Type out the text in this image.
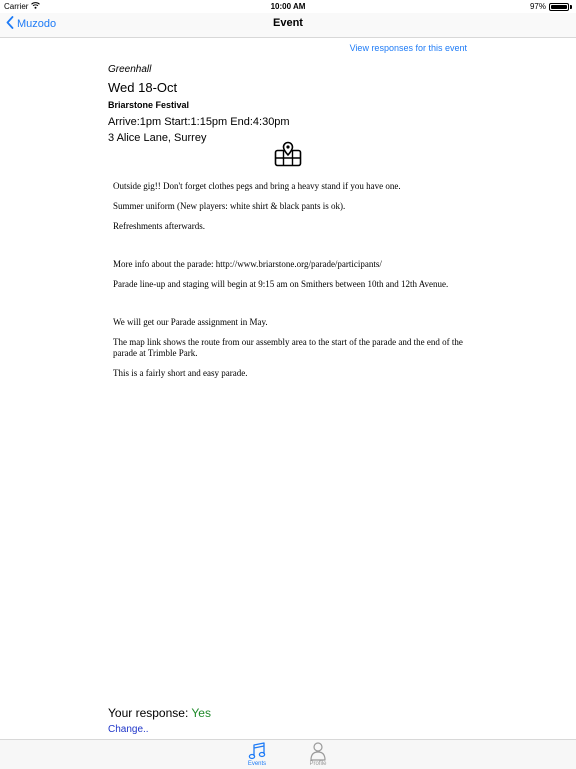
Carrier	10:00 AM	97%
Muzodo	Event
View responses for this event
Greenhall
Wed 18-Oct
Briarstone Festival
Arrive:1pm Start:1:15pm End:4:30pm
3 Alice Lane, Surrey

Outside gig!! Don't forget clothes pegs and bring a heavy stand if you have one.

Summer uniform (New players: white shirt & black pants is ok).

Refreshments afterwards.

More info about the parade: http://www.briarstone.org/parade/participants/

Parade line-up and staging will begin at 9:15 am on Smithers between 10th and 12th Avenue.

We will get our Parade assignment in May.

The map link shows the route from our assembly area to the start of the parade and the end of the parade at Trimble Park.

This is a fairly short and easy parade.

Your response: Yes
Change..
Events	Profile
